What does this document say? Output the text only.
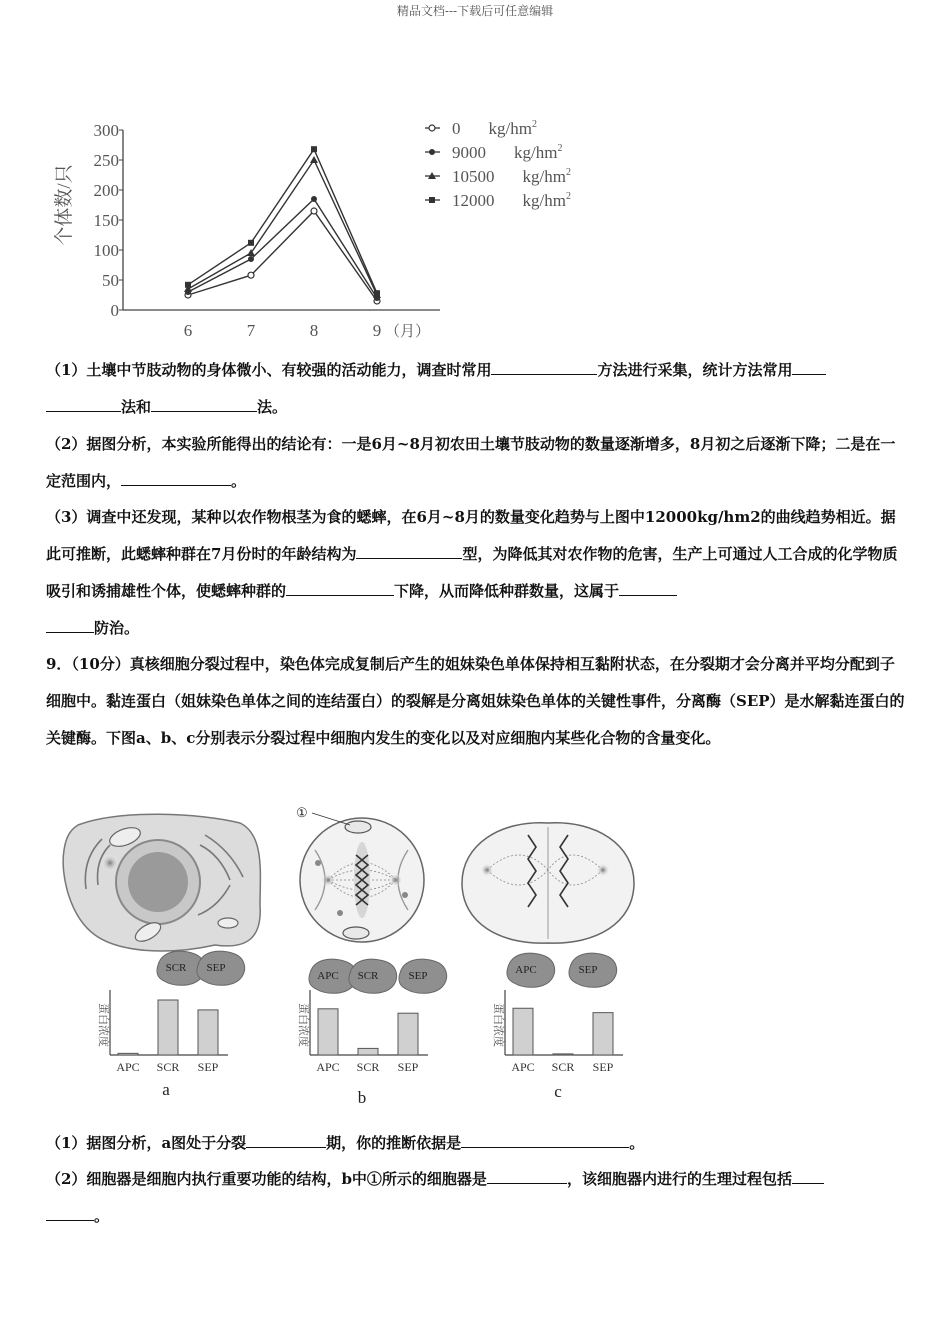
精品文档---下载后可任意编辑
0
50
100
150
200
250
300
个体数/只
6	7	8	9 （月）
0 $kg/hm^2$
9000 $kg/hm^2$
10500 $kg/hm^2$
12000 $kg/hm^2$
（1）土壤中节肢动物的身体微小、有较强的活动能力，调查时常用	方法进行采集，统计方法常用
法和	法。
（2）据图分析，本实验所能得出的结论有：一是6月~8月初农田土壤节肢动物的数量逐渐增多，8月初之后逐渐下降；二是在一定范围内，	。
（3）调查中还发现，某种以农作物根茎为食的蟋蟀，在6月~8月的数量变化趋势与上图中12000kg/hm2的曲线趋势相近。据此可推断，此蟋蟀种群在7月份时的年龄结构为	型，为降低其对农作物的危害，生产上可通过人工合成的化学物质吸引和诱捕雄性个体，使蟋蟀种群的	下降，从而降低种群数量，这属于
防治。
9．（10分）真核细胞分裂过程中，染色体完成复制后产生的姐妹染色单体保持相互黏附状态，在分裂期才会分离并平均分配到子细胞中。黏连蛋白（姐妹染色单体之间的连结蛋白）的裂解是分离姐妹染色单体的关键性事件，分离酶（SEP）是水解黏连蛋白的关键酶。下图a、b、c分别表示分裂过程中细胞内发生的变化以及对应细胞内某些化合物的含量变化。
①
SCR SEP
蛋白浓度
APC SCR SEP
a
APC SCR	SEP
蛋白浓度
APC SCR SEP
b
APC	SEP
蛋白浓度
APC SCR SEP
c
（1）据图分析，a图处于分裂	期，你的推断依据是	。
（2）细胞器是细胞内执行重要功能的结构，b中①所示的细胞器是	，该细胞器内进行的生理过程包括
。
